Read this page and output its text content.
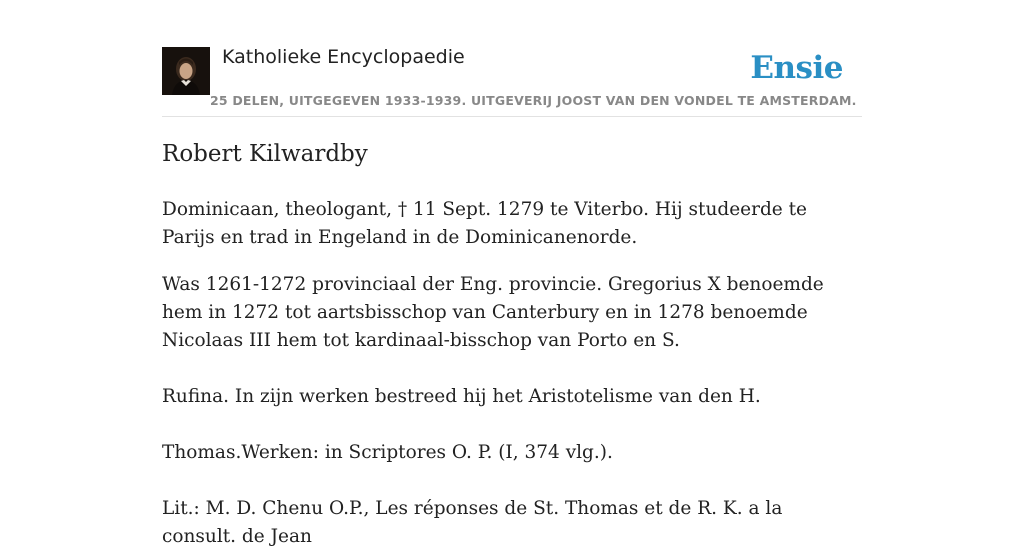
Katholieke Encyclopaedie
25 DELEN, UITGEGEVEN 1933-1939. UITGEVERIJ JOOST VAN DEN VONDEL TE AMSTERDAM.
Ensie
Robert Kilwardby

Dominicaan, theologant, † 11 Sept. 1279 te Viterbo. Hij studeerde te Parijs en trad in Engeland in de Dominicanenorde.

Was 1261-1272 provinciaal der Eng. provincie. Gregorius X benoemde hem in 1272 tot aartsbisschop van Canterbury en in 1278 benoemde Nicolaas III hem tot kardinaal-bisschop van Porto en S.

Rufina. In zijn werken bestreed hij het Aristotelisme van den H.

Thomas.Werken: in Scriptores O. P. (I, 374 vlg.).

Lit.: M. D. Chenu O.P., Les réponses de St. Thomas et de R. K. a la consult. de Jean
